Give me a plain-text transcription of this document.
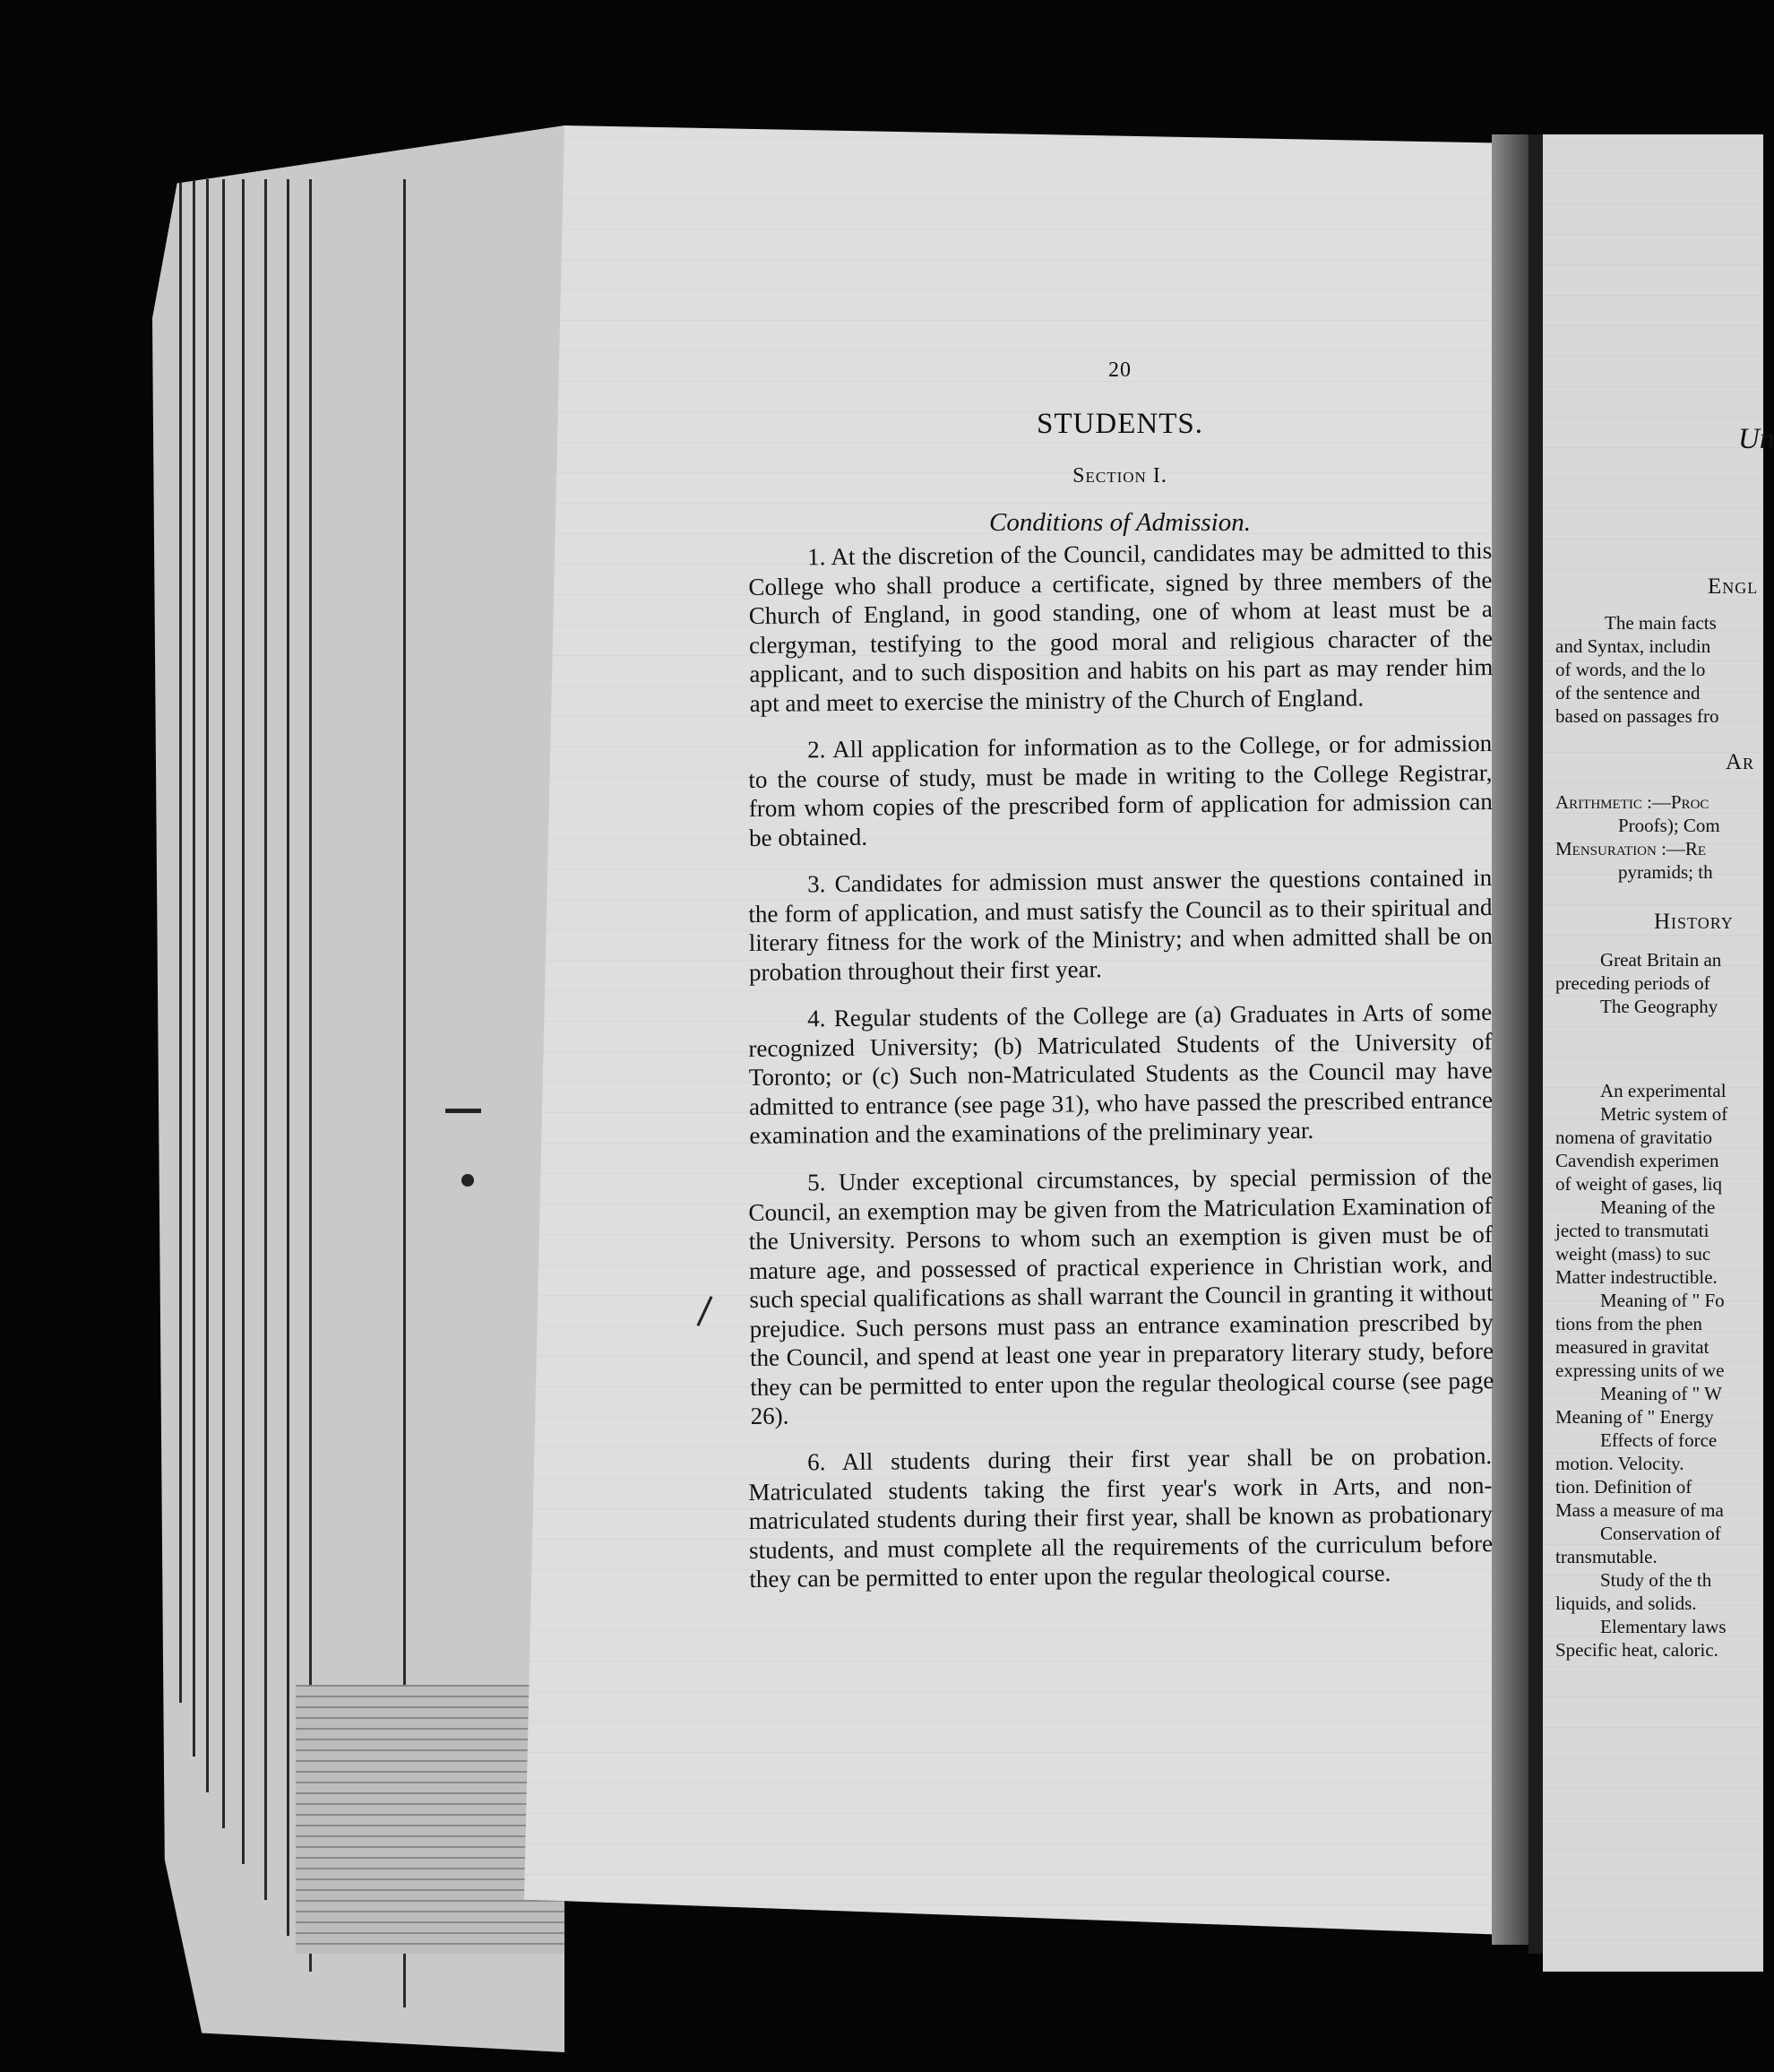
20
STUDENTS.
Section I.
Conditions of Admission.

1. At the discretion of the Council, candidates may be admitted to this College who shall produce a certificate, signed by three members of the Church of England, in good standing, one of whom at least must be a clergyman, testifying to the good moral and religious character of the applicant, and to such disposition and habits on his part as may render him apt and meet to exercise the ministry of the Church of England.

2. All application for information as to the College, or for admission to the course of study, must be made in writing to the College Registrar, from whom copies of the prescribed form of application for admission can be obtained.

3. Candidates for admission must answer the questions contained in the form of application, and must satisfy the Council as to their spiritual and literary fitness for the work of the Ministry; and when admitted shall be on probation throughout their first year.

4. Regular students of the College are (a) Graduates in Arts of some recognized University; (b) Matriculated Students of the University of Toronto; or (c) Such non-Matriculated Students as the Council may have admitted to entrance (see page 31), who have passed the prescribed entrance examination and the examinations of the preliminary year.

5. Under exceptional circumstances, by special permission of the Council, an exemption may be given from the Matriculation Examination of the University. Persons to whom such an exemption is given must be of mature age, and possessed of practical experience in Christian work, and such special qualifications as shall warrant the Council in granting it without prejudice. Such persons must pass an entrance examination prescribed by the Council, and spend at least one year in preparatory literary study, before they can be permitted to enter upon the regular theological course (see page 26).

6. All students during their first year shall be on probation. Matriculated students taking the first year's work in Arts, and non-matriculated students during their first year, shall be known as probationary students, and must complete all the requirements of the curriculum before they can be permitted to enter upon the regular theological course.

Un
Engl
The main facts
and Syntax, includin
of words, and the lo
of the sentence and
based on passages fro
Ar
Arithmetic :—Proc
Proofs); Com
Mensuration :—Re
pyramids; th
History
Great Britain an
preceding periods of
The Geography
An experimental
Metric system of
nomena of gravitatio
Cavendish experimen
of weight of gases, liq
Meaning of the
jected to transmutati
weight (mass) to suc
Matter indestructible.
Meaning of " Fo
tions from the phen
measured in gravitat
expressing units of we
Meaning of " W
Meaning of " Energy
Effects of force
motion. Velocity.
tion. Definition of
Mass a measure of ma
Conservation of
transmutable.
Study of the th
liquids, and solids.
Elementary laws
Specific heat, caloric.
